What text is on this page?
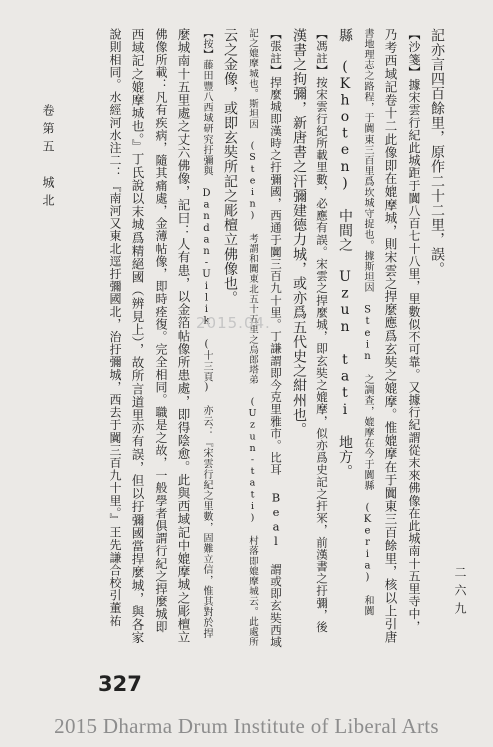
卷第五
城北
二六九
記亦言四百餘里，原作二十二里，誤。
【沙箋】據宋雲行紀此城距于闐八百七十八里，里數似不可靠。又據行紀謂從末來佛像在此城南十五里寺中，
乃考西域記卷十二此像即在媲摩城，則宋雲之捍麼應爲玄奘之媲摩。惟媲摩在于闐東三百餘里，核以上引唐
書地理志之路程，于闐東三百里爲坎城守捉也。據斯坦因 Stein 之調查，媲摩在今于闐縣 (Keria) 和闐
縣 (Khoten) 中間之 Uzun tati 地方。
【馮註】按宋雲行紀所載里數，必應有誤。宋雲之捍麼城，即玄奘之媲摩，似亦爲史記之扞冞，前漢書之扜彌，後
漢書之拘彌，新唐書之汗彌建德力城，或亦爲五代史之紺州也。
【張註】捍麼城即漢時之扜彌國，西通于闐三百九十里。丁謙謂即今克里雅市。比耳 Beal 謂或即玄奘西域
記之媲摩城也。斯坦因 (Stein) 考謂和闐東北五十五里之烏郎塔弟 (Uzun-tati) 村落即媲摩城云。此處所
云之金像，或即玄奘所記之彫檀立佛像也。
【按】藤田豐八西域研究扜彌與 Dandan-Uilik (十三頁) 亦云：『宋雲行紀之里數，固難立信，惟其對於捍
麼城南十五里處之丈六佛像，記曰：人有患，以金箔帖像所患處，即得陰愈。此與西域記中媲摩城之彫檀立
佛像所載：凡有疾病，隨其痛處，金薄帖像，即時痊復。完全相同。職是之故，一般學者俱謂行紀之捍麼城即
西域記之媲摩城也。』丁氏說以末城爲精絕國（辨見上），故所言道里亦有誤，但以扜彌國當捍麼城，與各家
說則相同。水經河水注二：『南河又東北逕扜彌國北，治扜彌城，西去于闐三百九十里。』王先謙合校引董祐	2015.04.
327
2015 Dharma Drum Institute of Liberal Arts
